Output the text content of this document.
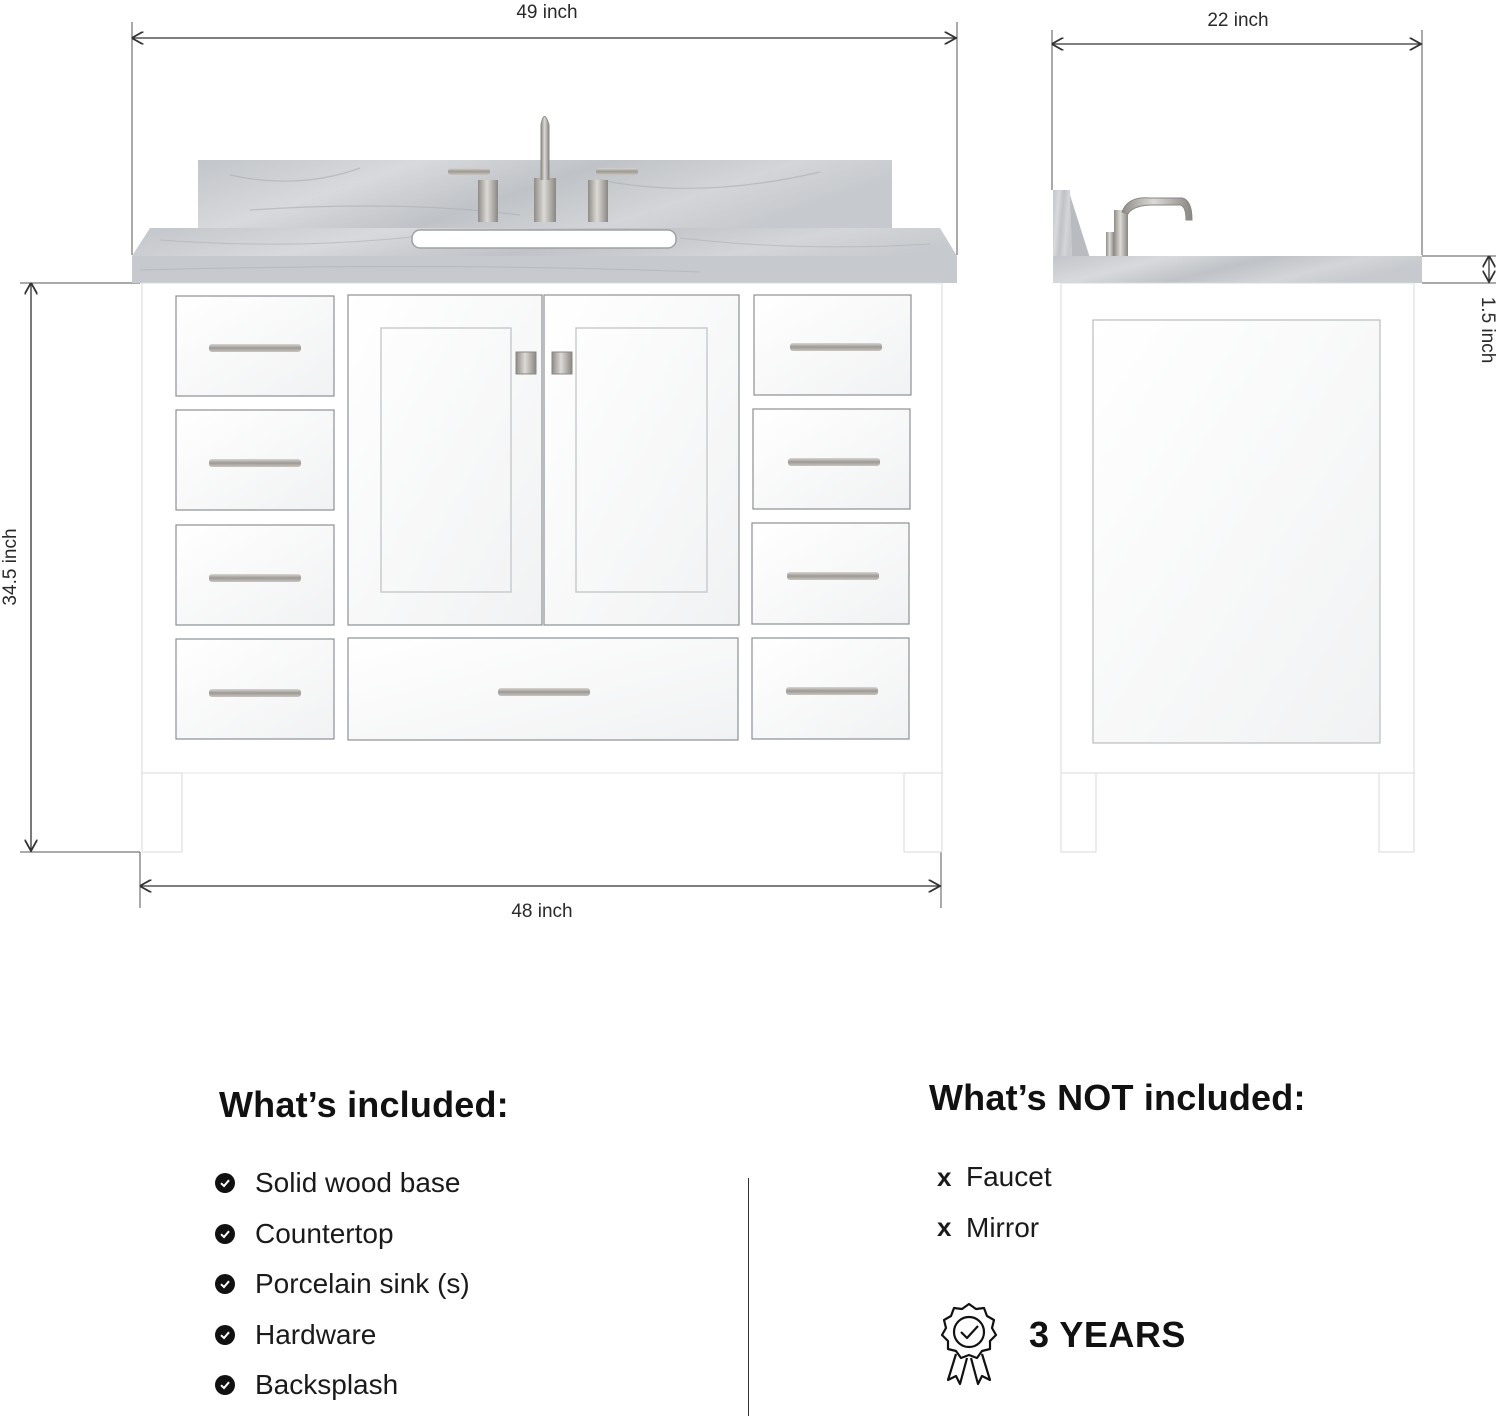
49 inch	22 inch
34.5 inch
1.5 inch
48 inch
What’s included:
Solid wood base
Countertop
Porcelain sink (s)
Hardware
Backsplash
What’s NOT included:
x Faucet
x Mirror
3 YEARS
